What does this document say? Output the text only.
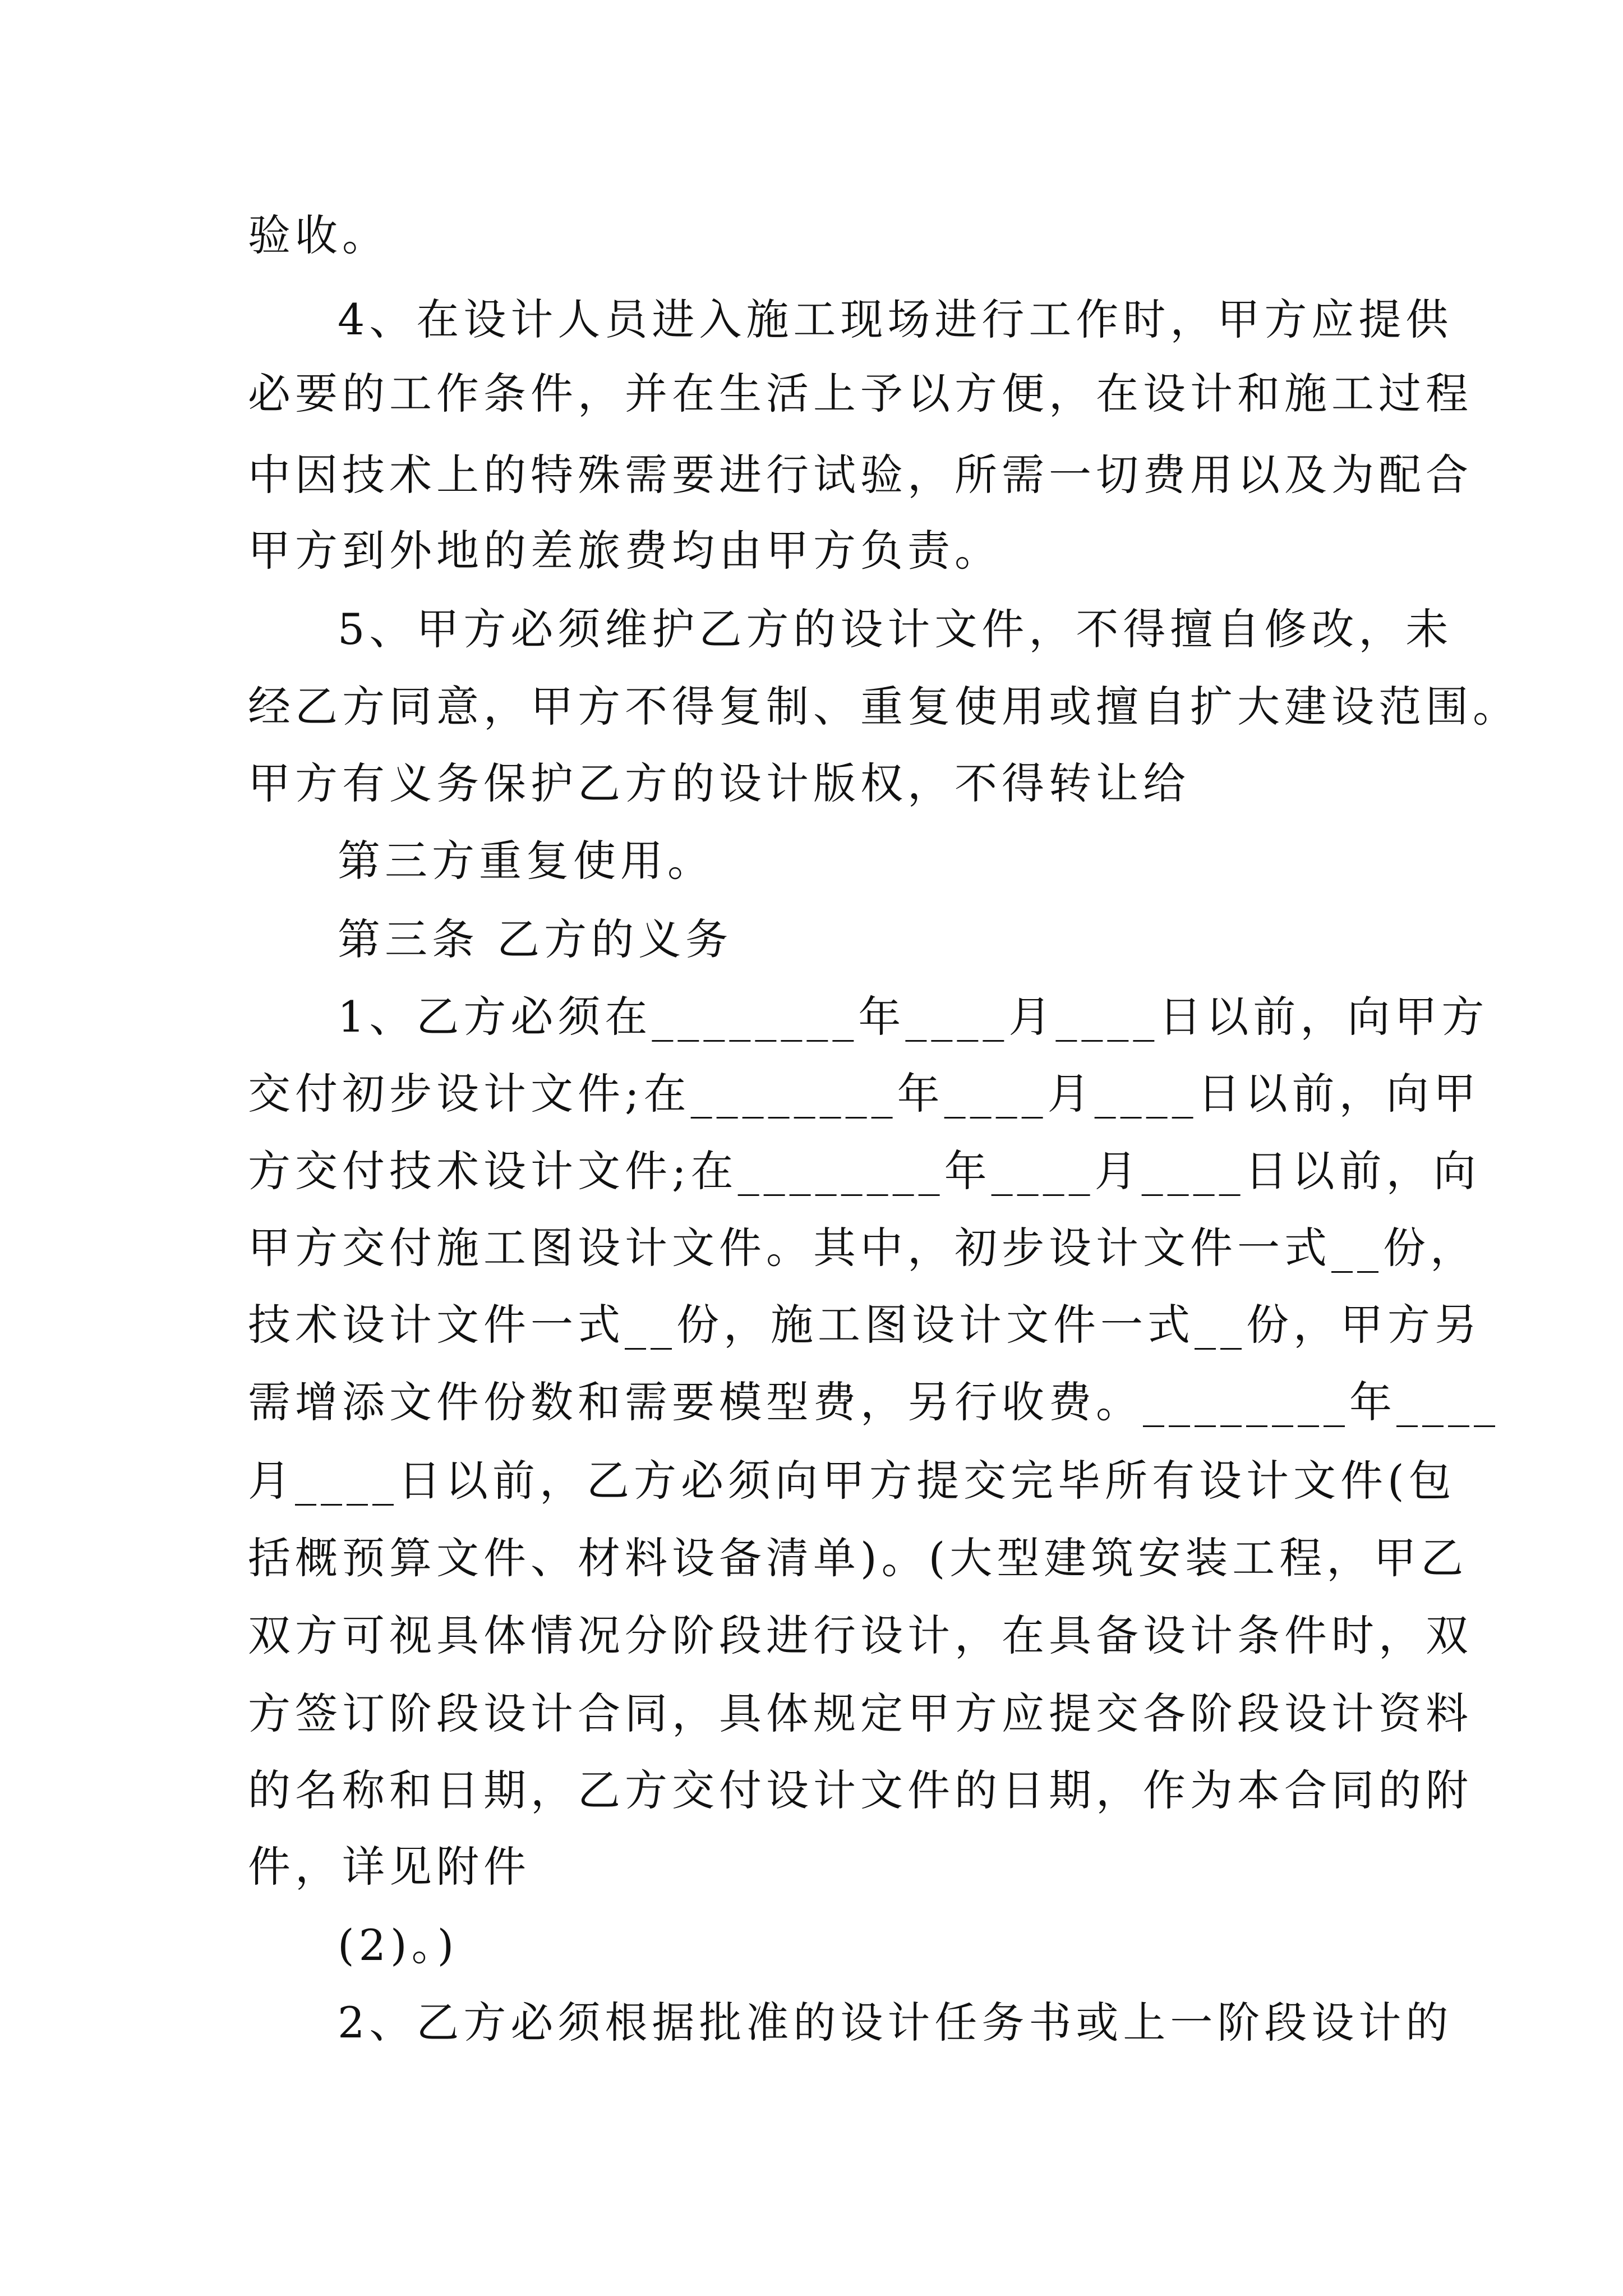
验收。
4、在设计人员进入施工现场进行工作时，甲方应提供
必要的工作条件，并在生活上予以方便，在设计和施工过程
中因技术上的特殊需要进行试验，所需一切费用以及为配合
甲方到外地的差旅费均由甲方负责。
5、甲方必须维护乙方的设计文件，不得擅自修改，未
经乙方同意，甲方不得复制、重复使用或擅自扩大建设范围。
甲方有义务保护乙方的设计版权，不得转让给
第三方重复使用。
第三条 乙方的义务
1、乙方必须在________年____月____日以前，向甲方
交付初步设计文件;在________年____月____日以前，向甲
方交付技术设计文件;在________年____月____日以前，向
甲方交付施工图设计文件。其中，初步设计文件一式__份，
技术设计文件一式__份，施工图设计文件一式__份，甲方另
需增添文件份数和需要模型费，另行收费。________年____
月____日以前，乙方必须向甲方提交完毕所有设计文件(包
括概预算文件、材料设备清单)。(大型建筑安装工程，甲乙
双方可视具体情况分阶段进行设计，在具备设计条件时，双
方签订阶段设计合同，具体规定甲方应提交各阶段设计资料
的名称和日期，乙方交付设计文件的日期，作为本合同的附
件，详见附件
(2)。)
2、乙方必须根据批准的设计任务书或上一阶段设计的
